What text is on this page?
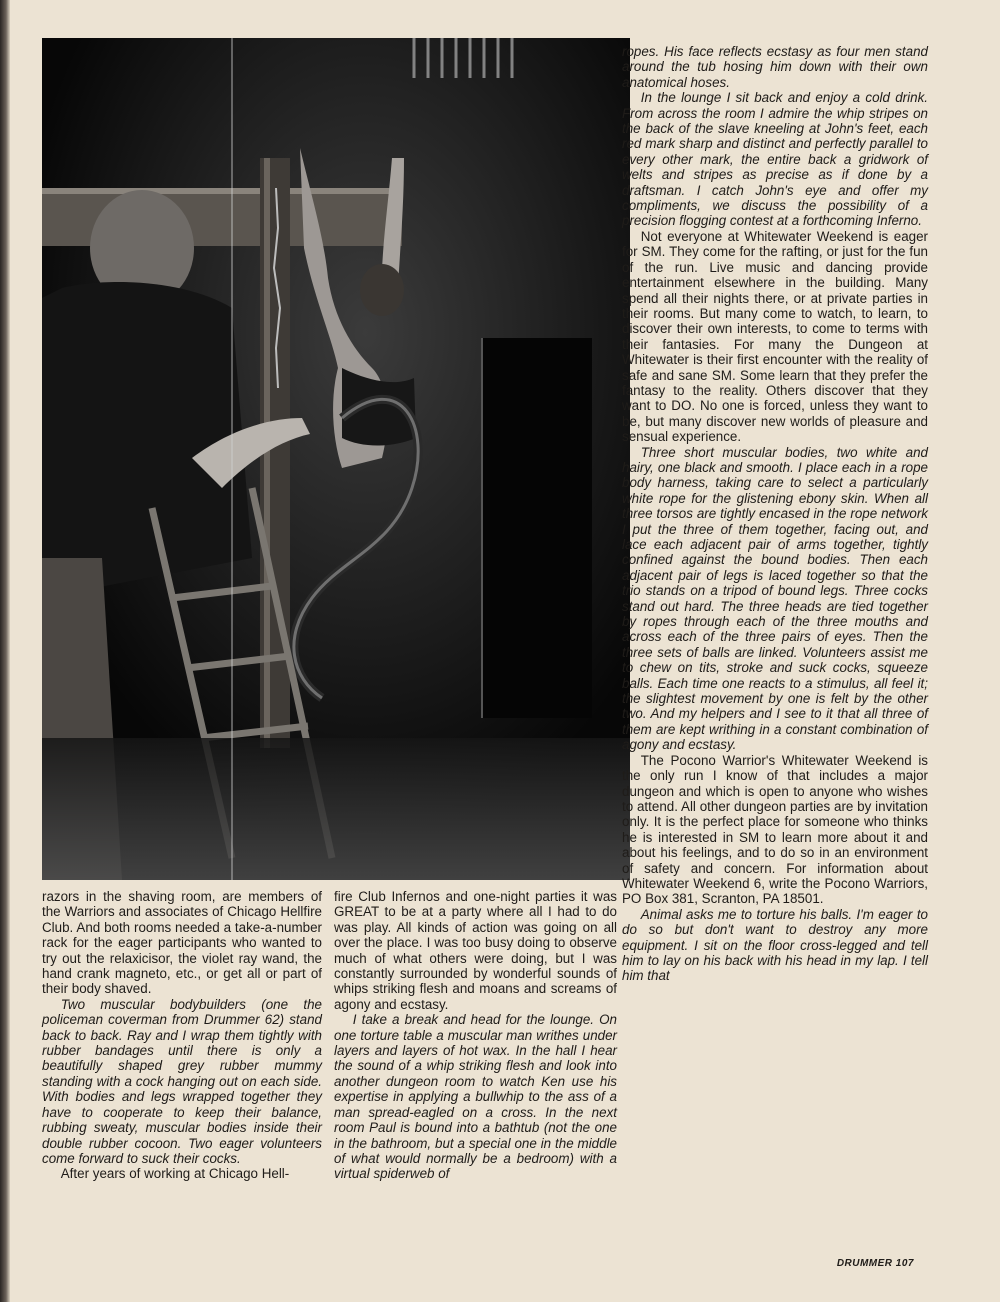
razors in the shaving room, are members of the Warriors and associates of Chicago Hellfire Club. And both rooms needed a take-a-number rack for the eager participants who wanted to try out the relaxicisor, the violet ray wand, the hand crank magneto, etc., or get all or part of their body shaved.

Two muscular bodybuilders (one the policeman coverman from Drummer 62) stand back to back. Ray and I wrap them tightly with rubber bandages until there is only a beautifully shaped grey rubber mummy standing with a cock hanging out on each side. With bodies and legs wrapped together they have to cooperate to keep their balance, rubbing sweaty, muscular bodies inside their double rubber cocoon. Two eager volunteers come forward to suck their cocks.

After years of working at Chicago Hell-

fire Club Infernos and one-night parties it was GREAT to be at a party where all I had to do was play. All kinds of action was going on all over the place. I was too busy doing to observe much of what others were doing, but I was constantly surrounded by wonderful sounds of whips striking flesh and moans and screams of agony and ecstasy.

I take a break and head for the lounge. On one torture table a muscular man writhes under layers and layers of hot wax. In the hall I hear the sound of a whip striking flesh and look into another dungeon room to watch Ken use his expertise in applying a bullwhip to the ass of a man spread-eagled on a cross. In the next room Paul is bound into a bathtub (not the one in the bathroom, but a special one in the middle of what would normally be a bedroom) with a virtual spiderweb of

ropes. His face reflects ecstasy as four men stand around the tub hosing him down with their own anatomical hoses.

In the lounge I sit back and enjoy a cold drink. From across the room I admire the whip stripes on the back of the slave kneeling at John's feet, each red mark sharp and distinct and perfectly parallel to every other mark, the entire back a gridwork of welts and stripes as precise as if done by a draftsman. I catch John's eye and offer my compliments, we discuss the possibility of a precision flogging contest at a forthcoming Inferno.

Not everyone at Whitewater Weekend is eager for SM. They come for the rafting, or just for the fun of the run. Live music and dancing provide entertainment elsewhere in the building. Many spend all their nights there, or at private parties in their rooms. But many come to watch, to learn, to discover their own interests, to come to terms with their fantasies. For many the Dungeon at Whitewater is their first encounter with the reality of safe and sane SM. Some learn that they prefer the fantasy to the reality. Others discover that they want to DO. No one is forced, unless they want to be, but many discover new worlds of pleasure and sensual experience.

Three short muscular bodies, two white and hairy, one black and smooth. I place each in a rope body harness, taking care to select a particularly white rope for the glistening ebony skin. When all three torsos are tightly encased in the rope network I put the three of them together, facing out, and lace each adjacent pair of arms together, tightly confined against the bound bodies. Then each adjacent pair of legs is laced together so that the trio stands on a tripod of bound legs. Three cocks stand out hard. The three heads are tied together by ropes through each of the three mouths and across each of the three pairs of eyes. Then the three sets of balls are linked. Volunteers assist me to chew on tits, stroke and suck cocks, squeeze balls. Each time one reacts to a stimulus, all feel it; the slightest movement by one is felt by the other two. And my helpers and I see to it that all three of them are kept writhing in a constant combination of agony and ecstasy.

The Pocono Warrior's Whitewater Weekend is the only run I know of that includes a major dungeon and which is open to anyone who wishes to attend. All other dungeon parties are by invitation only. It is the perfect place for someone who thinks he is interested in SM to learn more about it and about his feelings, and to do so in an environment of safety and concern. For information about Whitewater Weekend 6, write the Pocono Warriors, PO Box 381, Scranton, PA 18501.

Animal asks me to torture his balls. I'm eager to do so but don't want to destroy any more equipment. I sit on the floor cross-legged and tell him to lay on his back with his head in my lap. I tell him that

DRUMMER 107
